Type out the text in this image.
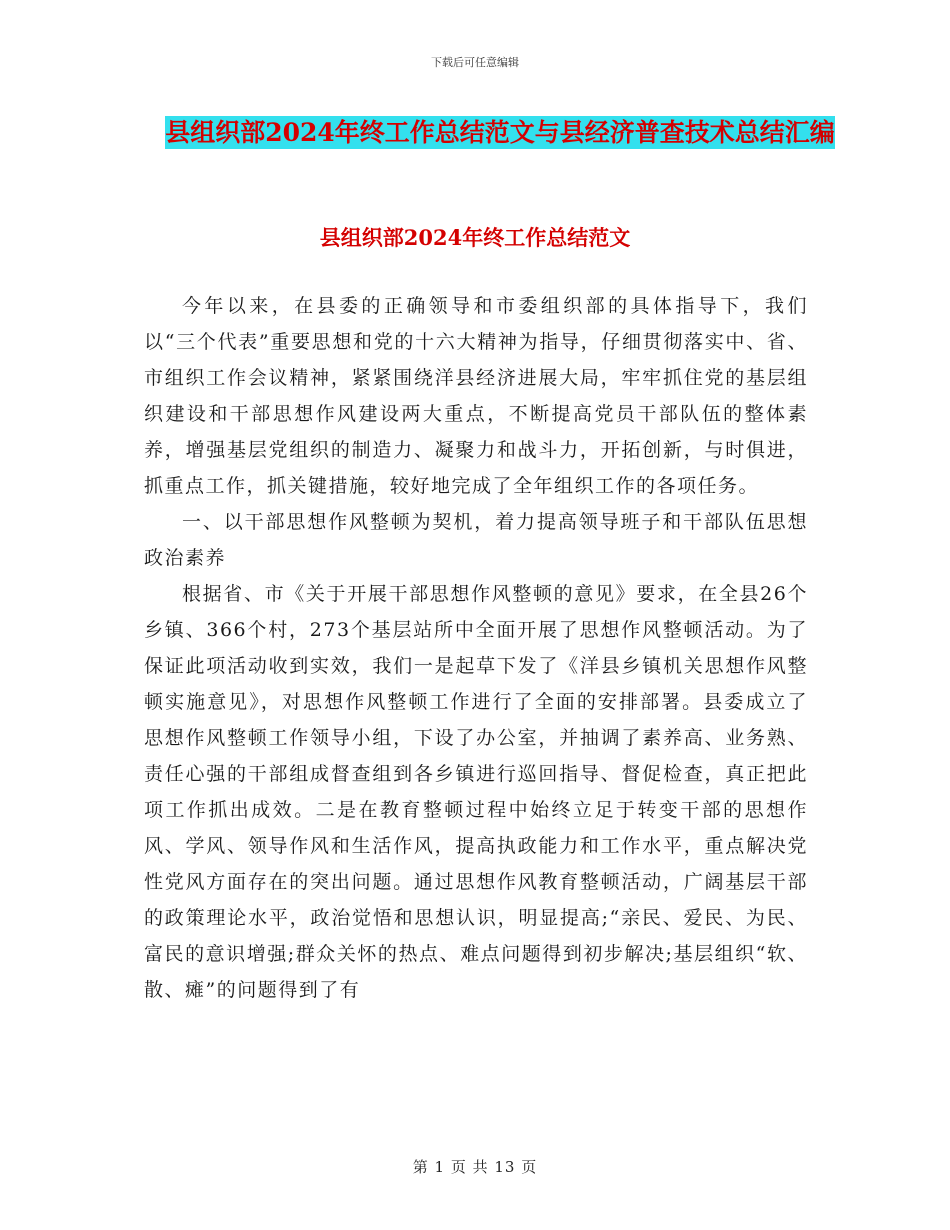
下载后可任意编辑
县组织部2024年终工作总结范文与县经济普查技术总结汇编
县组织部2024年终工作总结范文

今年以来，在县委的正确领导和市委组织部的具体指导下，我们以“三个代表”重要思想和党的十六大精神为指导，仔细贯彻落实中、省、市组织工作会议精神，紧紧围绕洋县经济进展大局，牢牢抓住党的基层组织建设和干部思想作风建设两大重点，不断提高党员干部队伍的整体素养，增强基层党组织的制造力、凝聚力和战斗力，开拓创新，与时俱进，抓重点工作，抓关键措施，较好地完成了全年组织工作的各项任务。

一、以干部思想作风整顿为契机，着力提高领导班子和干部队伍思想政治素养

根据省、市《关于开展干部思想作风整顿的意见》要求，在全县26个乡镇、366个村，273个基层站所中全面开展了思想作风整顿活动。为了保证此项活动收到实效，我们一是起草下发了《洋县乡镇机关思想作风整顿实施意见》，对思想作风整顿工作进行了全面的安排部署。县委成立了思想作风整顿工作领导小组，下设了办公室，并抽调了素养高、业务熟、责任心强的干部组成督查组到各乡镇进行巡回指导、督促检查，真正把此项工作抓出成效。二是在教育整顿过程中始终立足于转变干部的思想作风、学风、领导作风和生活作风，提高执政能力和工作水平，重点解决党性党风方面存在的突出问题。通过思想作风教育整顿活动，广阔基层干部的政策理论水平，政治觉悟和思想认识，明显提高;“亲民、爱民、为民、富民的意识增强;群众关怀的热点、难点问题得到初步解决;基层组织“软、散、瘫”的问题得到了有

第 1 页 共 13 页
